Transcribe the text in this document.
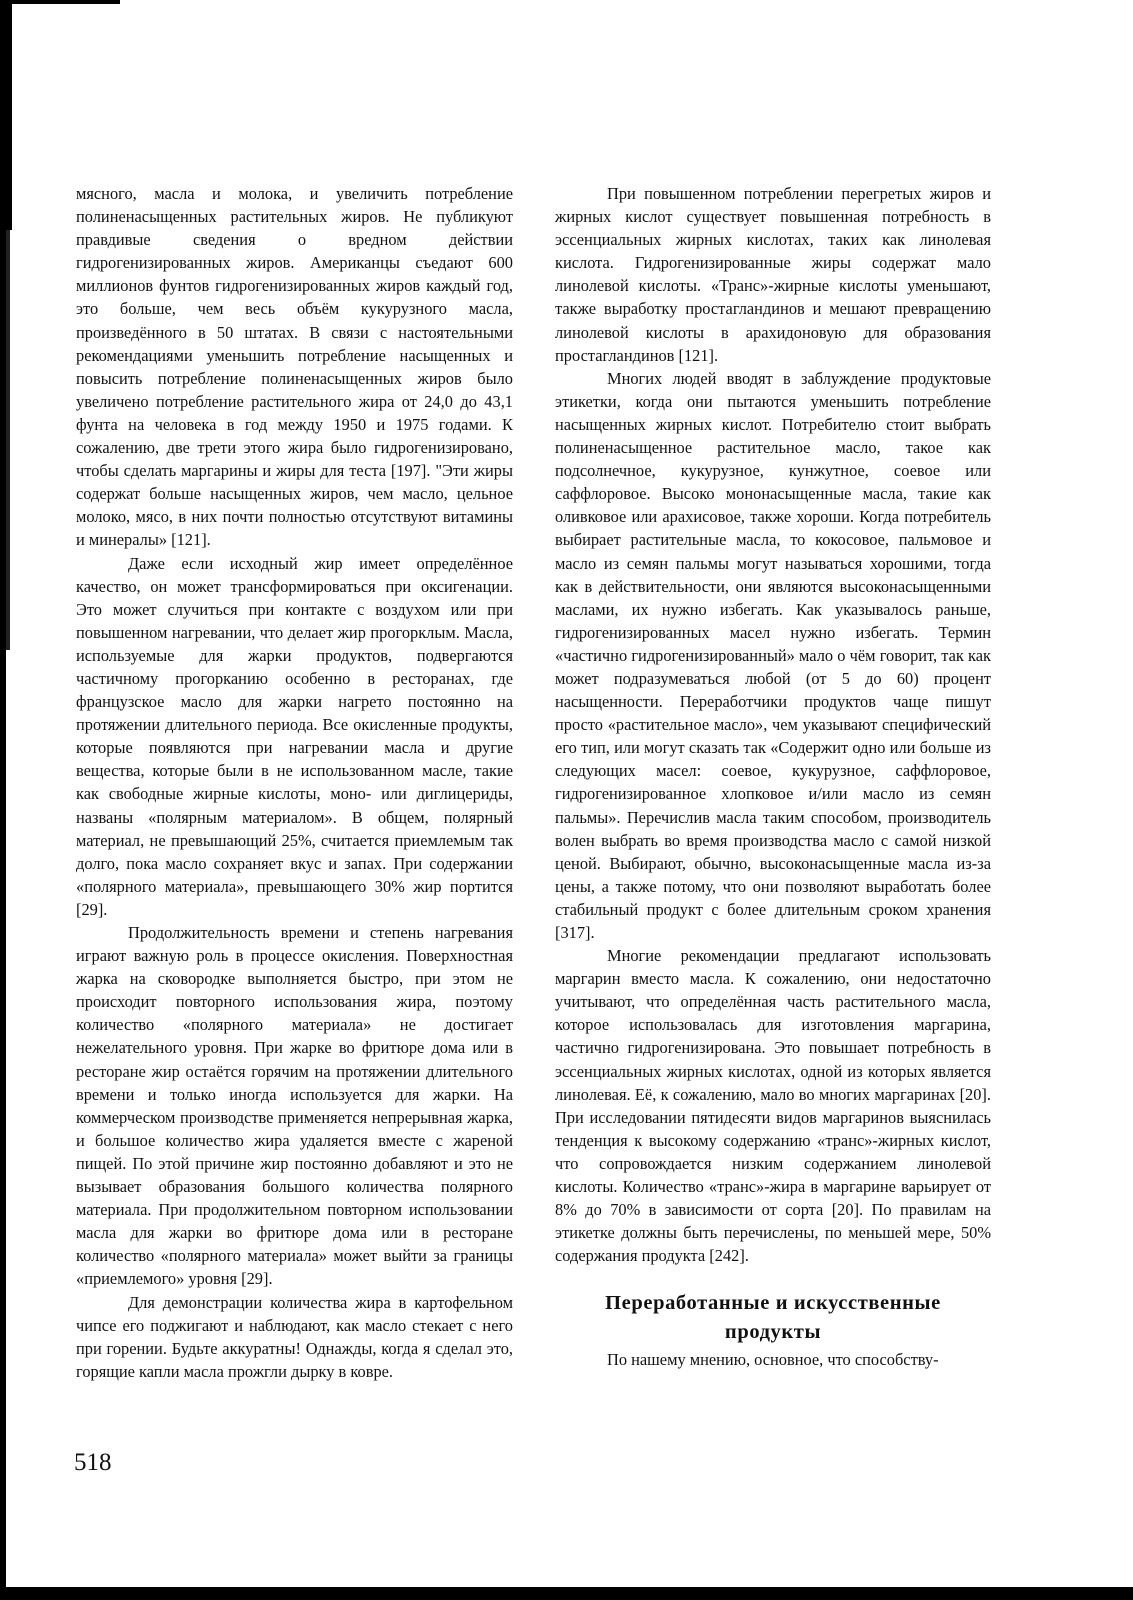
мясного, масла и молока, и увеличить потребление полиненасыщенных растительных жиров. Не публикуют правдивые сведения о вредном действии гидрогенизированных жиров. Американцы съедают 600 миллионов фунтов гидрогенизированных жиров каждый год, это больше, чем весь объём кукурузного масла, произведённого в 50 штатах. В связи с настоятельными рекомендациями уменьшить потребление насыщенных и повысить потребление полиненасыщенных жиров было увеличено потребление растительного жира от 24,0 до 43,1 фунта на человека в год между 1950 и 1975 годами. К сожалению, две трети этого жира было гидрогенизировано, чтобы сделать маргарины и жиры для теста [197]. "Эти жиры содержат больше насыщенных жиров, чем масло, цельное молоко, мясо, в них почти полностью отсутствуют витамины и минералы» [121].

Даже если исходный жир имеет определённое качество, он может трансформироваться при оксигенации. Это может случиться при контакте с воздухом или при повышенном нагревании, что делает жир прогорклым. Масла, используемые для жарки продуктов, подвергаются частичному прогорканию особенно в ресторанах, где французское масло для жарки нагрето постоянно на протяжении длительного периода. Все окисленные продукты, которые появляются при нагревании масла и другие вещества, которые были в не использованном масле, такие как свободные жирные кислоты, моно- или диглицериды, названы «полярным материалом». В общем, полярный материал, не превышающий 25%, считается приемлемым так долго, пока масло сохраняет вкус и запах. При содержании «полярного материала», превышающего 30% жир портится [29].

Продолжительность времени и степень нагревания играют важную роль в процессе окисления. Поверхностная жарка на сковородке выполняется быстро, при этом не происходит повторного использования жира, поэтому количество «полярного материала» не достигает нежелательного уровня. При жарке во фритюре дома или в ресторане жир остаётся горячим на протяжении длительного времени и только иногда используется для жарки. На коммерческом производстве применяется непрерывная жарка, и большое количество жира удаляется вместе с жареной пищей. По этой причине жир постоянно добавляют и это не вызывает образования большого количества полярного материала. При продолжительном повторном использовании масла для жарки во фритюре дома или в ресторане количество «полярного материала» может выйти за границы «приемлемого» уровня [29].

Для демонстрации количества жира в картофельном чипсе его поджигают и наблюдают, как масло стекает с него при горении. Будьте аккуратны! Однажды, когда я сделал это, горящие капли масла прожгли дырку в ковре.

При повышенном потреблении перегретых жиров и жирных кислот существует повышенная потребность в эссенциальных жирных кислотах, таких как линолевая кислота. Гидрогенизированные жиры содержат мало линолевой кислоты. «Транс»-жирные кислоты уменьшают, также выработку простагландинов и мешают превращению линолевой кислоты в арахидоновую для образования простагландинов [121].

Многих людей вводят в заблуждение продуктовые этикетки, когда они пытаются уменьшить потребление насыщенных жирных кислот. Потребителю стоит выбрать полиненасыщенное растительное масло, такое как подсолнечное, кукурузное, кунжутное, соевое или саффлоровое. Высоко мононасыщенные масла, такие как оливковое или арахисовое, также хороши. Когда потребитель выбирает растительные масла, то кокосовое, пальмовое и масло из семян пальмы могут называться хорошими, тогда как в действительности, они являются высоконасыщенными маслами, их нужно избегать. Как указывалось раньше, гидрогенизированных масел нужно избегать. Термин «частично гидрогенизированный» мало о чём говорит, так как может подразумеваться любой (от 5 до 60) процент насыщенности. Переработчики продуктов чаще пишут просто «растительное масло», чем указывают специфический его тип, или могут сказать так «Содержит одно или больше из следующих масел: соевое, кукурузное, саффлоровое, гидрогенизированное хлопковое и/или масло из семян пальмы». Перечислив масла таким способом, производитель волен выбрать во время производства масло с самой низкой ценой. Выбирают, обычно, высоконасыщенные масла из-за цены, а также потому, что они позволяют выработать более стабильный продукт с более длительным сроком хранения [317].

Многие рекомендации предлагают использовать маргарин вместо масла. К сожалению, они недостаточно учитывают, что определённая часть растительного масла, которое использовалась для изготовления маргарина, частично гидрогенизирована. Это повышает потребность в эссенциальных жирных кислотах, одной из которых является линолевая. Её, к сожалению, мало во многих маргаринах [20]. При исследовании пятидесяти видов маргаринов выяснилась тенденция к высокому содержанию «транс»-жирных кислот, что сопровождается низким содержанием линолевой кислоты. Количество «транс»-жира в маргарине варьирует от 8% до 70% в зависимости от сорта [20]. По правилам на этикетке должны быть перечислены, по меньшей мере, 50% содержания продукта [242].

Переработанные и искусственные продукты

По нашему мнению, основное, что способству-

518
